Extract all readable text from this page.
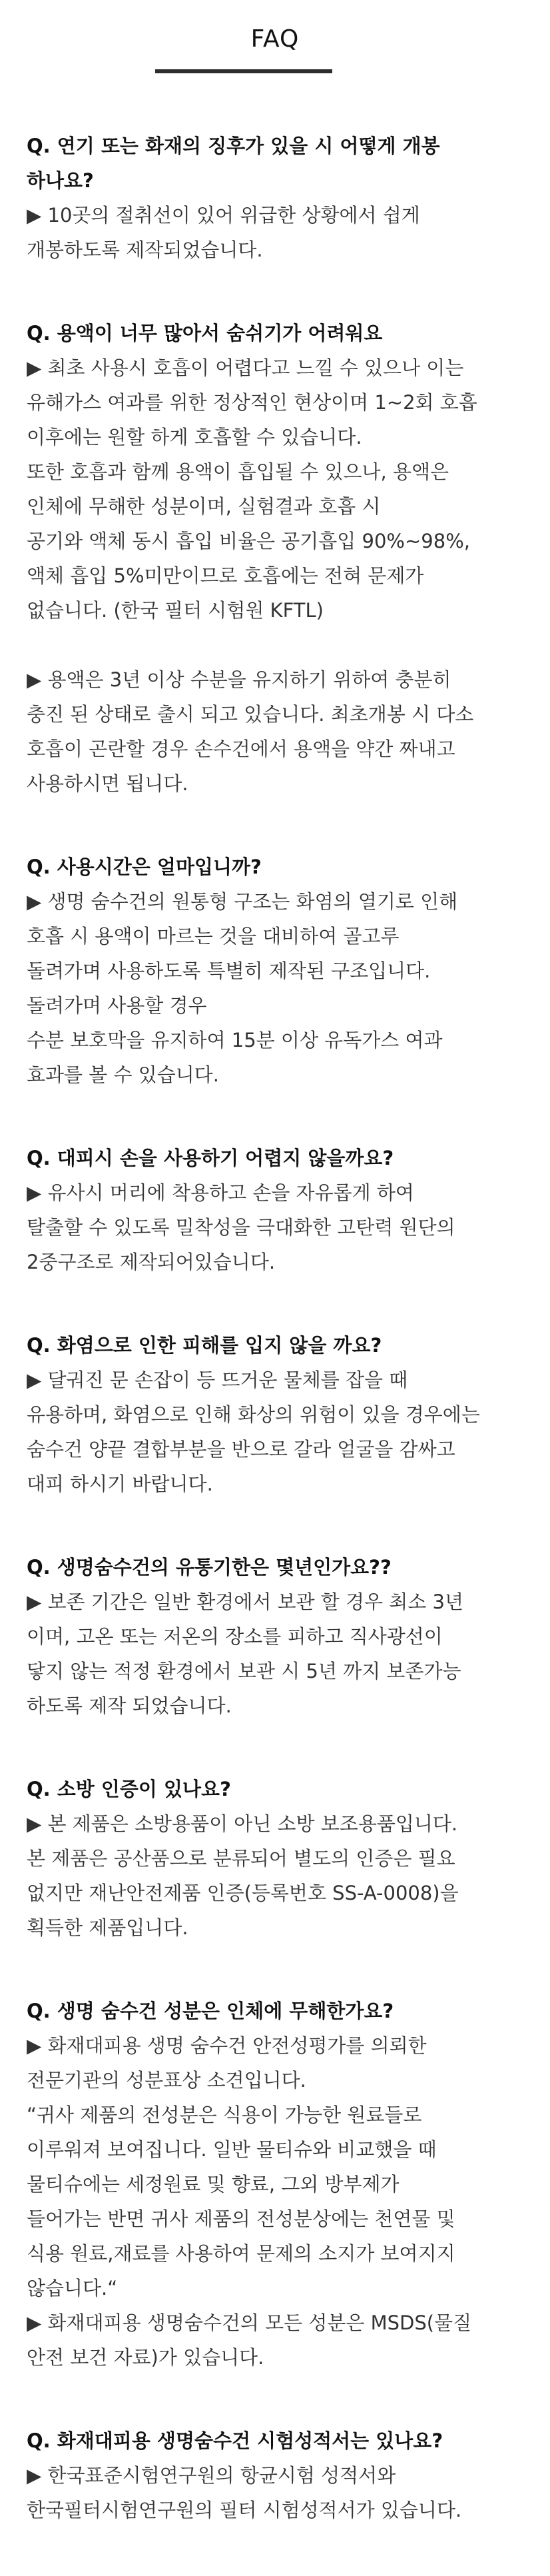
FAQ
Q. 연기 또는 화재의 징후가 있을 시 어떻게 개봉
하나요?
▶ 10곳의 절취선이 있어 위급한 상황에서 쉽게
개봉하도록 제작되었습니다.
Q. 용액이 너무 많아서 숨쉬기가 어려워요
▶ 최초 사용시 호흡이 어렵다고 느낄 수 있으나 이는
유해가스 여과를 위한 정상적인 현상이며 1~2회 호흡
이후에는 원할 하게 호흡할 수 있습니다.
또한 호흡과 함께 용액이 흡입될 수 있으나, 용액은
인체에 무해한 성분이며, 실험결과 호흡 시
공기와 액체 동시 흡입 비율은 공기흡입 90%~98%,
액체 흡입 5%미만이므로 호흡에는 전혀 문제가
없습니다. (한국 필터 시험원 KFTL)
▶ 용액은 3년 이상 수분을 유지하기 위하여 충분히
충진 된 상태로 출시 되고 있습니다. 최초개봉 시 다소
호흡이 곤란할 경우 손수건에서 용액을 약간 짜내고
사용하시면 됩니다.
Q. 사용시간은 얼마입니까?
▶ 생명 숨수건의 원통형 구조는 화염의 열기로 인해
호흡 시 용액이 마르는 것을 대비하여 골고루
돌려가며 사용하도록 특별히 제작된 구조입니다.
돌려가며 사용할 경우
수분 보호막을 유지하여 15분 이상 유독가스 여과
효과를 볼 수 있습니다.
Q. 대피시 손을 사용하기 어렵지 않을까요?
▶ 유사시 머리에 착용하고 손을 자유롭게 하여
탈출할 수 있도록 밀착성을 극대화한 고탄력 원단의
2중구조로 제작되어있습니다.
Q. 화염으로 인한 피해를 입지 않을 까요?
▶ 달궈진 문 손잡이 등 뜨거운 물체를 잡을 때
유용하며, 화염으로 인해 화상의 위험이 있을 경우에는
숨수건 양끝 결합부분을 반으로 갈라 얼굴을 감싸고
대피 하시기 바랍니다.
Q. 생명숨수건의 유통기한은 몇년인가요??
▶ 보존 기간은 일반 환경에서 보관 할 경우 최소 3년
이며, 고온 또는 저온의 장소를 피하고 직사광선이
닿지 않는 적정 환경에서 보관 시 5년 까지 보존가능
하도록 제작 되었습니다.
Q. 소방 인증이 있나요?
▶ 본 제품은 소방용품이 아닌 소방 보조용품입니다.
본 제품은 공산품으로 분류되어 별도의 인증은 필요
없지만 재난안전제품 인증(등록번호 SS-A-0008)을
획득한 제품입니다.
Q. 생명 숨수건 성분은 인체에 무해한가요?
▶ 화재대피용 생명 숨수건 안전성평가를 의뢰한
전문기관의 성분표상 소견입니다.
“귀사 제품의 전성분은 식용이 가능한 원료들로
이루워져 보여집니다. 일반 물티슈와 비교했을 때
물티슈에는 세정원료 및 향료, 그외 방부제가
들어가는 반면 귀사 제품의 전성분상에는 천연물 및
식용 원료,재료를 사용하여 문제의 소지가 보여지지
않습니다.“
▶ 화재대피용 생명숨수건의 모든 성분은 MSDS(물질
안전 보건 자료)가 있습니다.
Q. 화재대피용 생명숨수건 시험성적서는 있나요?
▶ 한국표준시험연구원의 항균시험 성적서와
한국필터시험연구원의 필터 시험성적서가 있습니다.
